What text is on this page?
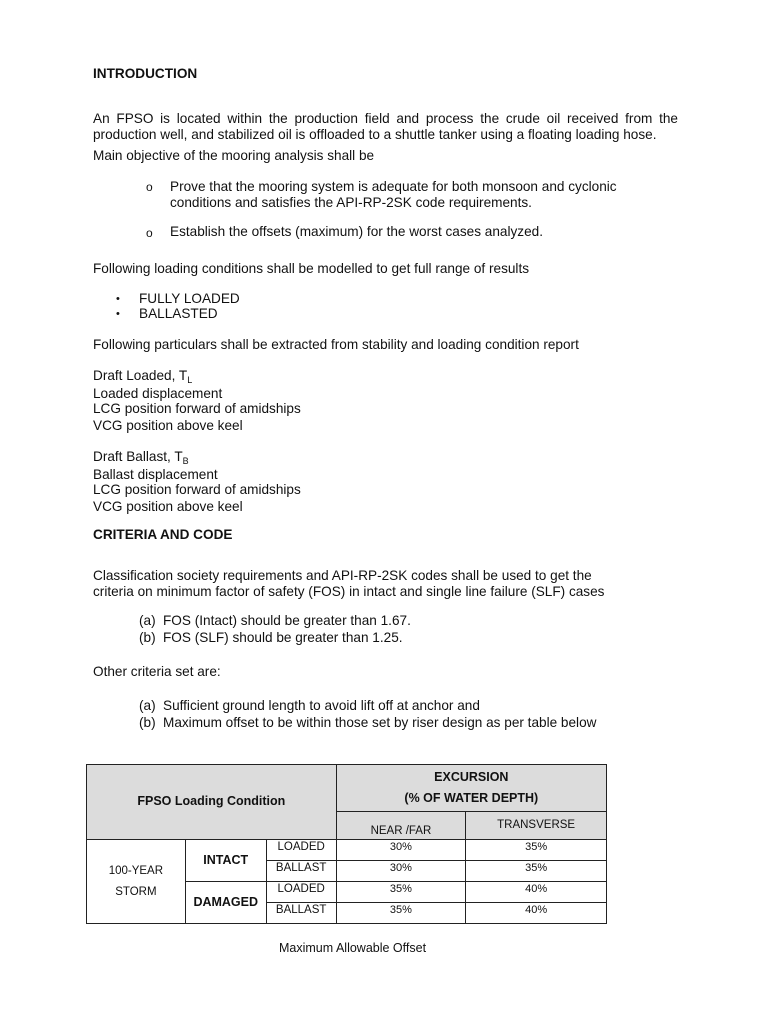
INTRODUCTION
An FPSO is located within the production field and process the crude oil received from the
production well, and stabilized oil is offloaded to a shuttle tanker using a floating loading hose.
Main objective of the mooring analysis shall be
o Prove that the mooring system is adequate for both monsoon and cyclonic
conditions and satisfies the API-RP-2SK code requirements.
o Establish the offsets (maximum) for the worst cases analyzed.
Following loading conditions shall be modelled to get full range of results
• FULLY LOADED
• BALLASTED
Following particulars shall be extracted from stability and loading condition report
Draft Loaded, $T_L$
Loaded displacement
LCG position forward of amidships
VCG position above keel
Draft Ballast, $T_B$
Ballast displacement
LCG position forward of amidships
VCG position above keel
CRITERIA AND CODE
Classification society requirements and API-RP-2SK codes shall be used to get the
criteria on minimum factor of safety (FOS) in intact and single line failure (SLF) cases
(a) FOS (Intact) should be greater than 1.67.
(b) FOS (SLF) should be greater than 1.25.
Other criteria set are:
(a) Sufficient ground length to avoid lift off at anchor and
(b) Maximum offset to be within those set by riser design as per table below
FPSO Loading Condition			EXCURSION
(% OF WATER DEPTH)	

			NEAR /FAR	TRANSVERSE

100-YEAR
STORM	INTACT	LOADED	30%	35%
		BALLAST	30%	35%
	DAMAGED	LOADED	35%	40%
		BALLAST	35%	40%
Maximum Allowable Offset
